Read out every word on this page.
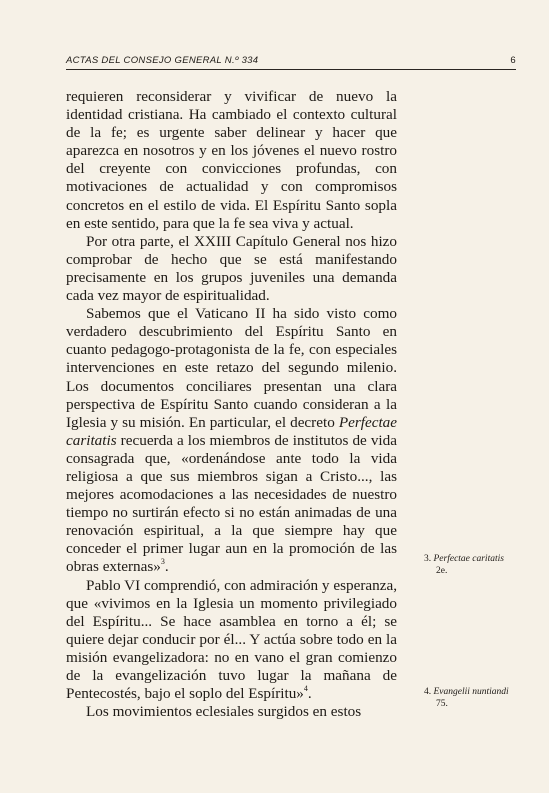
ACTAS DEL CONSEJO GENERAL N.º 334	6

requieren reconsiderar y vivificar de nuevo la identidad cristiana. Ha cambiado el contexto cultural de la fe; es urgente saber delinear y hacer que aparezca en nosotros y en los jóvenes el nuevo rostro del creyente con convicciones profundas, con motivaciones de actualidad y con compromisos concretos en el estilo de vida. El Espíritu Santo sopla en este sentido, para que la fe sea viva y actual.

Por otra parte, el XXIII Capítulo General nos hizo comprobar de hecho que se está manifestando precisamente en los grupos juveniles una demanda cada vez mayor de espiritualidad.

Sabemos que el Vaticano II ha sido visto como verdadero descubrimiento del Espíritu Santo en cuanto pedagogo-protagonista de la fe, con especiales intervenciones en este retazo del segundo milenio. Los documentos conciliares presentan una clara perspectiva de Espíritu Santo cuando consideran a la Iglesia y su misión. En particular, el decreto Perfectae caritatis recuerda a los miembros de institutos de vida consagrada que, «ordenándose ante todo la vida religiosa a que sus miembros sigan a Cristo..., las mejores acomodaciones a las necesidades de nuestro tiempo no surtirán efecto si no están animadas de una renovación espiritual, a la que siempre hay que conceder el primer lugar aun en la promoción de las obras externas»$^3$.

Pablo VI comprendió, con admiración y esperanza, que «vivimos en la Iglesia un momento privilegiado del Espíritu... Se hace asamblea en torno a él; se quiere dejar conducir por él... Y actúa sobre todo en la misión evangelizadora: no en vano el gran comienzo de la evangelización tuvo lugar la mañana de Pentecostés, bajo el soplo del Espíritu»$^4$.

Los movimientos eclesiales surgidos en estos

3. Perfectae caritatis
2e.
4. Evangelii nuntiandi
75.
